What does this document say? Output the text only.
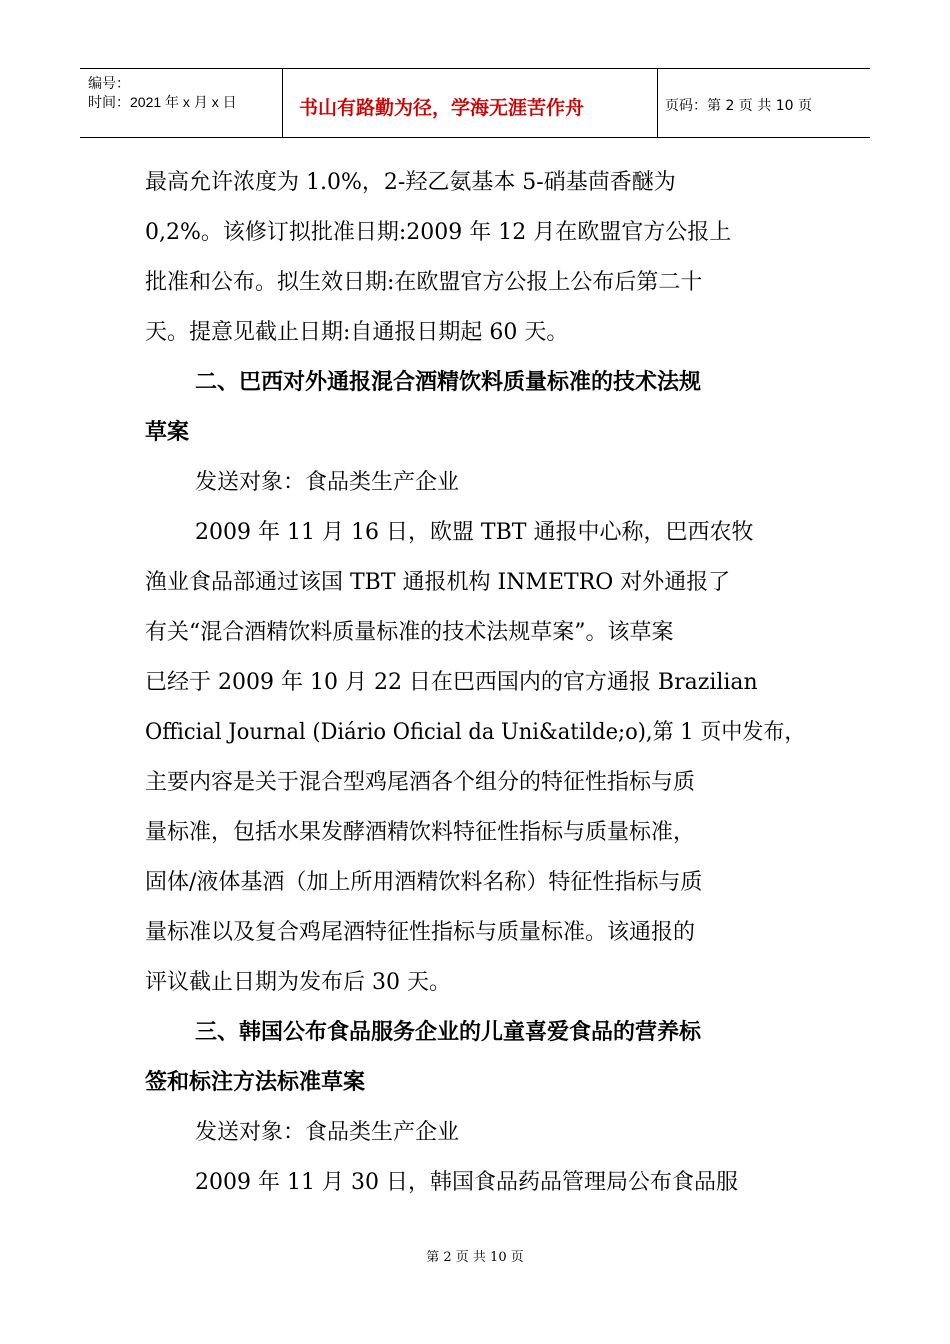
编号：
时间：2021 年 x 月 x 日	书山有路勤为径，学海无涯苦作舟	页码：第 2 页 共 10 页
最高允许浓度为 1.0%，2-羟乙氨基本 5-硝基茴香醚为
0,2%。该修订拟批准日期:2009 年 12 月在欧盟官方公报上
批准和公布。拟生效日期:在欧盟官方公报上公布后第二十
天。提意见截止日期:自通报日期起 60 天。
二、巴西对外通报混合酒精饮料质量标准的技术法规
草案
发送对象：食品类生产企业
2009 年 11 月 16 日，欧盟 TBT 通报中心称，巴西农牧
渔业食品部通过该国 TBT 通报机构 INMETRO 对外通报了
有关“混合酒精饮料质量标准的技术法规草案”。该草案
已经于 2009 年 10 月 22 日在巴西国内的官方通报 Brazilian
Official Journal (Diário Oficial da Uni&atilde;o),第 1 页中发布，
主要内容是关于混合型鸡尾酒各个组分的特征性指标与质
量标准，包括水果发酵酒精饮料特征性指标与质量标准，
固体/液体基酒（加上所用酒精饮料名称）特征性指标与质
量标准以及复合鸡尾酒特征性指标与质量标准。该通报的
评议截止日期为发布后 30 天。
三、韩国公布食品服务企业的儿童喜爱食品的营养标
签和标注方法标准草案
发送对象：食品类生产企业
2009 年 11 月 30 日，韩国食品药品管理局公布食品服
第 2 页 共 10 页
